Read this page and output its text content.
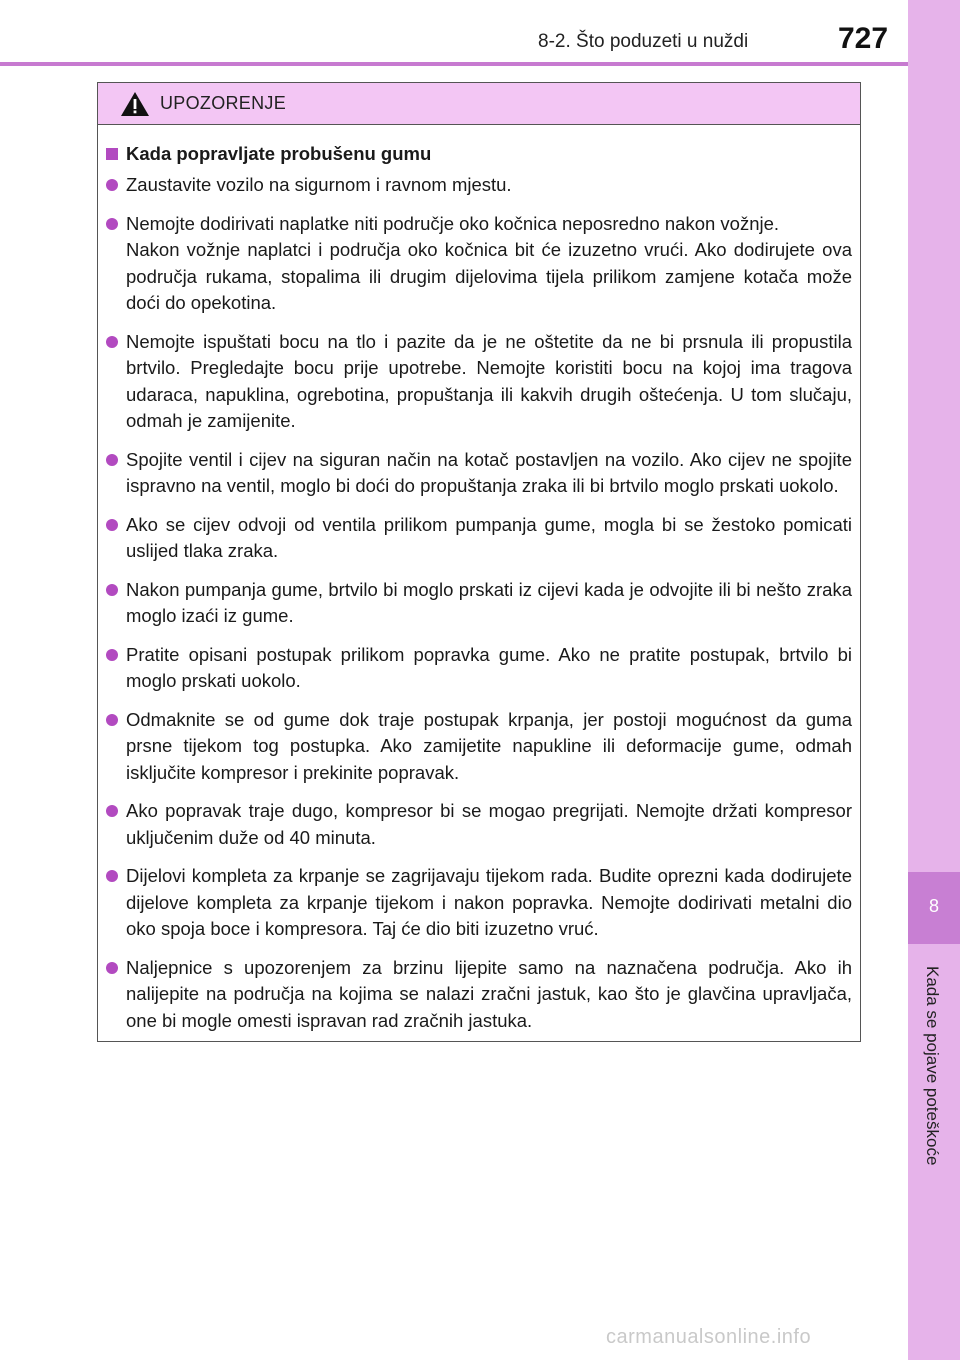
8-2. Što poduzeti u nuždi	727
8
Kada se pojave poteškoće
UPOZORENJE
Kada popravljate probušenu gumu

Zaustavite vozilo na sigurnom i ravnom mjestu.

Nemojte dodirivati naplatke niti područje oko kočnica neposredno nakon vožnje.

Nakon vožnje naplatci i područja oko kočnica bit će izuzetno vrući. Ako dodirujete ova područja rukama, stopalima ili drugim dijelovima tijela prilikom zamjene kotača može doći do opekotina.

Nemojte ispuštati bocu na tlo i pazite da je ne oštetite da ne bi prsnula ili propustila brtvilo. Pregledajte bocu prije upotrebe. Nemojte koristiti bocu na kojoj ima tragova udaraca, napuklina, ogrebotina, propuštanja ili kakvih drugih oštećenja. U tom slučaju, odmah je zamijenite.

Spojite ventil i cijev na siguran način na kotač postavljen na vozilo. Ako cijev ne spojite ispravno na ventil, moglo bi doći do propuštanja zraka ili bi brtvilo moglo prskati uokolo.

Ako se cijev odvoji od ventila prilikom pumpanja gume, mogla bi se žestoko pomicati uslijed tlaka zraka.

Nakon pumpanja gume, brtvilo bi moglo prskati iz cijevi kada je odvojite ili bi nešto zraka moglo izaći iz gume.

Pratite opisani postupak prilikom popravka gume. Ako ne pratite postupak, brtvilo bi moglo prskati uokolo.

Odmaknite se od gume dok traje postupak krpanja, jer postoji mogućnost da guma prsne tijekom tog postupka. Ako zamijetite napukline ili deformacije gume, odmah isključite kompresor i prekinite popravak.

Ako popravak traje dugo, kompresor bi se mogao pregrijati. Nemojte držati kompresor uključenim duže od 40 minuta.

Dijelovi kompleta za krpanje se zagrijavaju tijekom rada. Budite oprezni kada dodirujete dijelove kompleta za krpanje tijekom i nakon popravka. Nemojte dodirivati metalni dio oko spoja boce i kompresora. Taj će dio biti izuzetno vruć.

Naljepnice s upozorenjem za brzinu lijepite samo na naznačena područja. Ako ih nalijepite na područja na kojima se nalazi zračni jastuk, kao što je glavčina upravljača, one bi mogle omesti ispravan rad zračnih jastuka.

carmanualsonline.info
